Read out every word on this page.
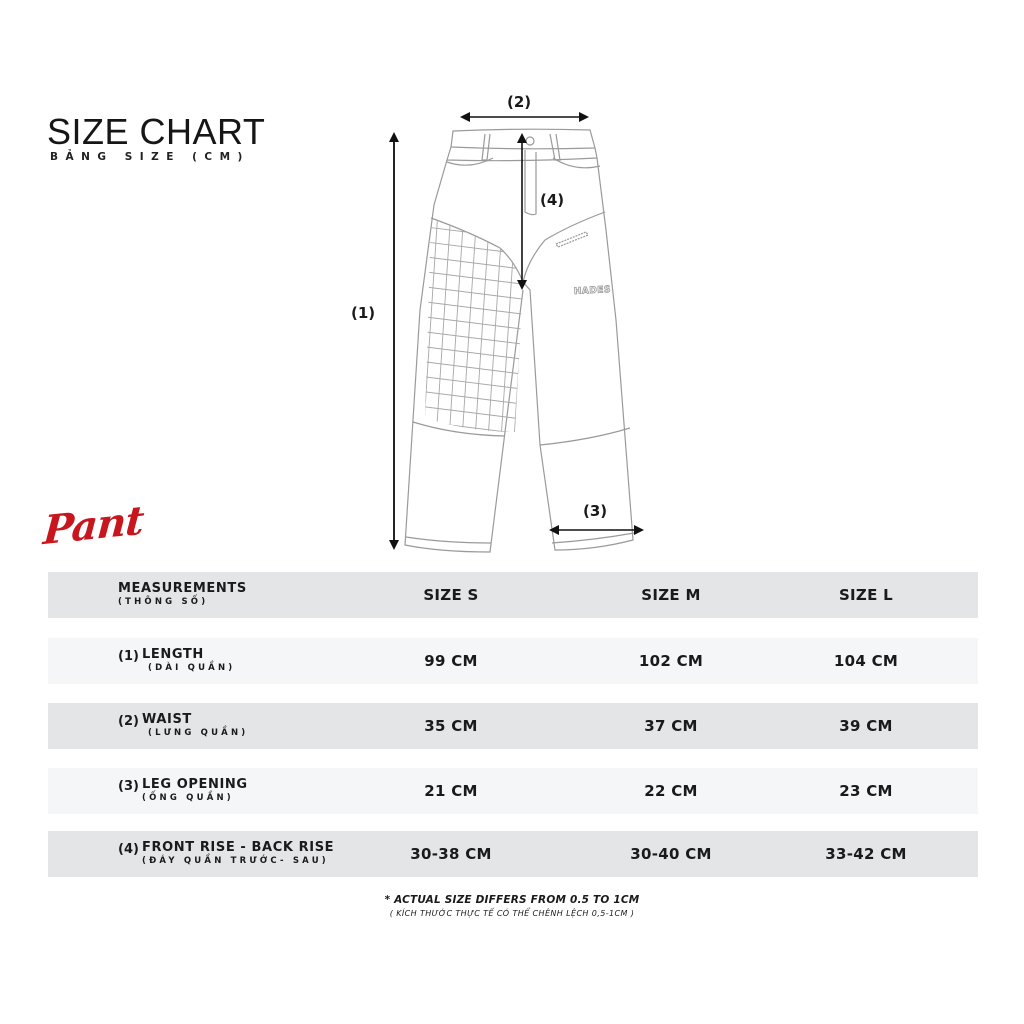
SIZE CHART
BẢNG SIZE (CM)
HADES
(1)
(2)
(3)
(4)
Pant
MEASUREMENTS
(THÔNG SỐ)	SIZE S	SIZE M	SIZE L
(1) LENGTH
(DÀI QUẦN)	99 CM	102 CM	104 CM
(2) WAIST
(LƯNG QUẦN)	35 CM	37 CM	39 CM
(3) LEG OPENING
(ỐNG QUẦN)	21 CM	22 CM	23 CM
(4) FRONT RISE - BACK RISE
(ĐÁY QUẦN TRƯỚC- SAU)	30-38 CM	30-40 CM	33-42 CM
* ACTUAL SIZE DIFFERS FROM 0.5 TO 1CM
( KÍCH THƯỚC THỰC TẾ CÓ THỂ CHÊNH LỆCH 0,5-1CM )
